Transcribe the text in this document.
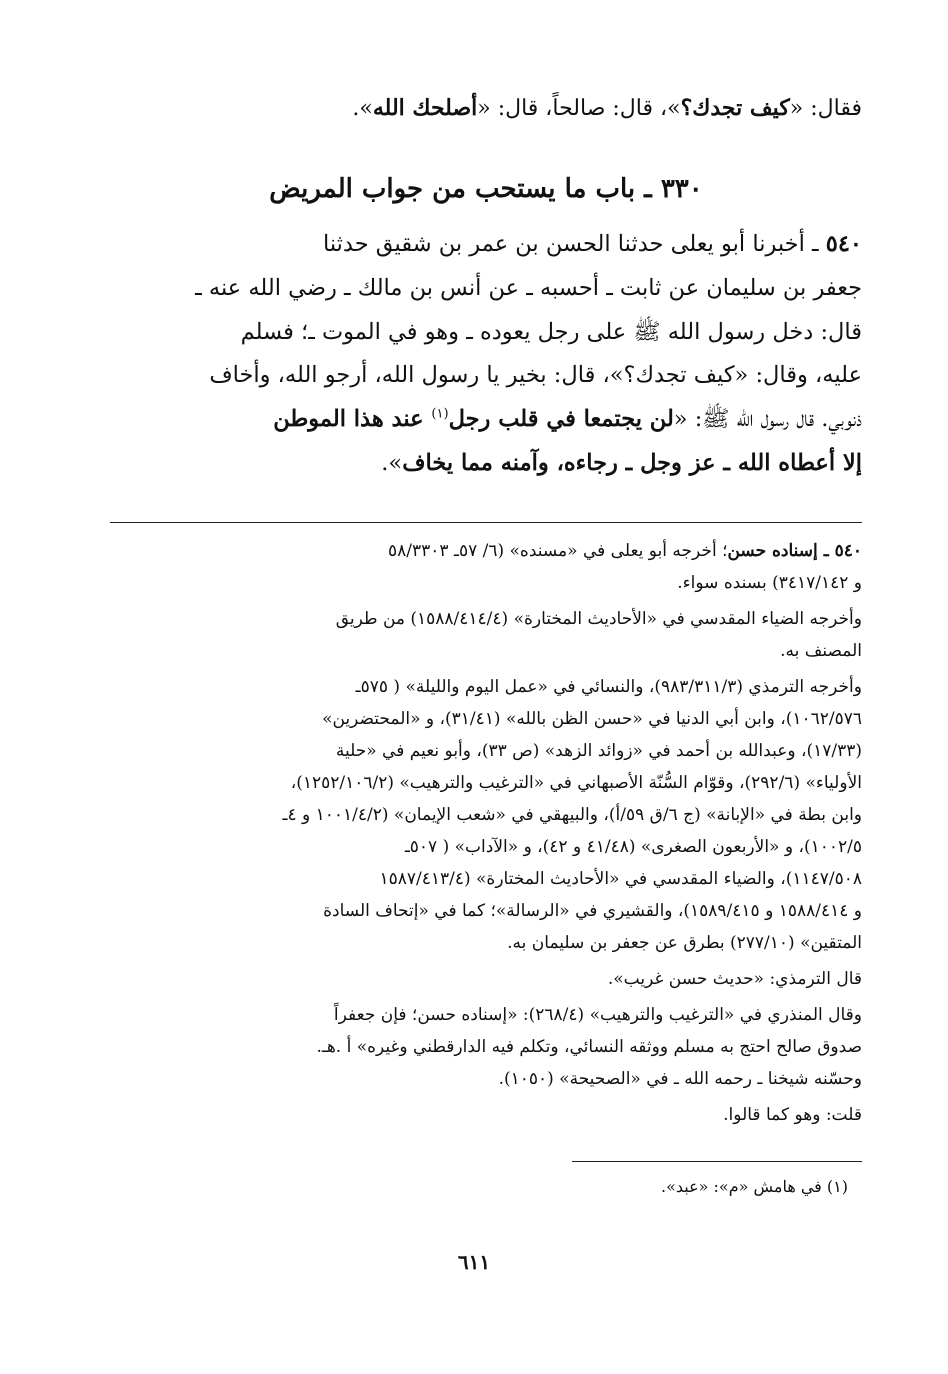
فقال: «كيف تجدك؟»، قال: صالحاً، قال: «أصلحك الله».

٣٣٠ ـ باب ما يستحب من جواب المريض

٥٤٠ ـ أخبرنا أبو يعلى حدثنا الحسن بن عمر بن شقيق حدثنا

جعفر بن سليمان عن ثابت ـ أحسبه ـ عن أنس بن مالك ـ رضي الله عنه ـ

قال: دخل رسول الله ﷺ على رجل يعوده ـ وهو في الموت ـ؛ فسلم

عليه، وقال: «كيف تجدك؟»، قال: بخير يا رسول الله، أرجو الله، وأخاف

ذنوبي. قال رسول الله ﷺ: «لن يجتمعا في قلب رجل$^{(١)}$ عند هذا الموطن

إلا أعطاه الله ـ عز وجل ـ رجاءه، وآمنه مما يخاف».

٥٤٠ ـ إسناده حسن؛ أخرجه أبو يعلى في «مسنده» (٦/ ٥٧ـ ٥٨/٣٣٠٣

و ٣٤١٧/١٤٢) بسنده سواء.

وأخرجه الضياء المقدسي في «الأحاديث المختارة» (١٥٨٨/٤١٤/٤) من طريق

المصنف به.

وأخرجه الترمذي (٩٨٣/٣١١/٣)، والنسائي في «عمل اليوم والليلة» ( ٥٧٥ـ

١٠٦٢/٥٧٦)، وابن أبي الدنيا في «حسن الظن بالله» (٣١/٤١)، و «المحتضرين»

(١٧/٣٣)، وعبدالله بن أحمد في «زوائد الزهد» (ص ٣٣)، وأبو نعيم في «حلية

الأولياء» (٢٩٢/٦)، وقوّام السُّنّة الأصبهاني في «الترغيب والترهيب» (١٢٥٢/١٠٦/٢)،

وابن بطة في «الإبانة» (ج ٦/ق ٥٩/أ)، والبيهقي في «شعب الإيمان» (١٠٠١/٤/٢ و ٤ـ

١٠٠٢/٥)، و «الأربعون الصغرى» (٤١/٤٨ و ٤٢)، و «الآداب» ( ٥٠٧ـ

١١٤٧/٥٠٨)، والضياء المقدسي في «الأحاديث المختارة» (١٥٨٧/٤١٣/٤

و ١٥٨٨/٤١٤ و ١٥٨٩/٤١٥)، والقشيري في «الرسالة»؛ كما في «إتحاف السادة

المتقين» (٢٧٧/١٠) بطرق عن جعفر بن سليمان به.

قال الترمذي: «حديث حسن غريب».

وقال المنذري في «الترغيب والترهيب» (٢٦٨/٤): «إسناده حسن؛ فإن جعفراً

صدوق صالح احتج به مسلم ووثقه النسائي، وتكلم فيه الدارقطني وغيره» أ .هـ.

وحسّنه شيخنا ـ رحمه الله ـ في «الصحيحة» (١٠٥٠).

قلت: وهو كما قالوا.

(١) في هامش «م»: «عبد».

٦١١
